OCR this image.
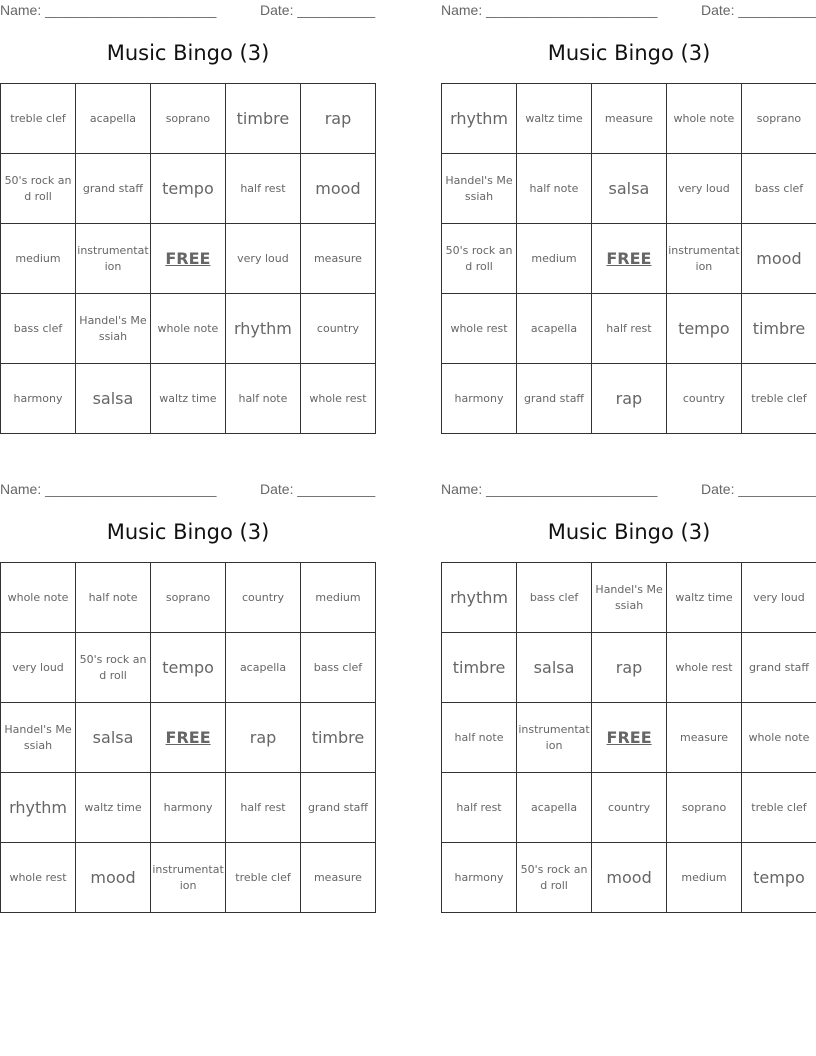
Name: ______________________	Date: __________
Music Bingo (3)
treble clef	acapella	soprano	timbre	rap
50's rock and roll	grand staff	tempo	half rest	mood
medium	instrumentation	FREE	very loud	measure
bass clef	Handel's Messiah	whole note	rhythm	country
harmony	salsa	waltz time	half note	whole rest
Name: ______________________	Date: __________
Music Bingo (3)
rhythm	waltz time	measure	whole note	soprano
Handel's Messiah	half note	salsa	very loud	bass clef
50's rock and roll	medium	FREE	instrumentation	mood
whole rest	acapella	half rest	tempo	timbre
harmony	grand staff	rap	country	treble clef
Name: ______________________	Date: __________
Music Bingo (3)
whole note	half note	soprano	country	medium
very loud	50's rock and roll	tempo	acapella	bass clef
Handel's Messiah	salsa	FREE	rap	timbre
rhythm	waltz time	harmony	half rest	grand staff
whole rest	mood	instrumentation	treble clef	measure
Name: ______________________	Date: __________
Music Bingo (3)
rhythm	bass clef	Handel's Messiah	waltz time	very loud
timbre	salsa	rap	whole rest	grand staff
half note	instrumentation	FREE	measure	whole note
half rest	acapella	country	soprano	treble clef
harmony	50's rock and roll	mood	medium	tempo
